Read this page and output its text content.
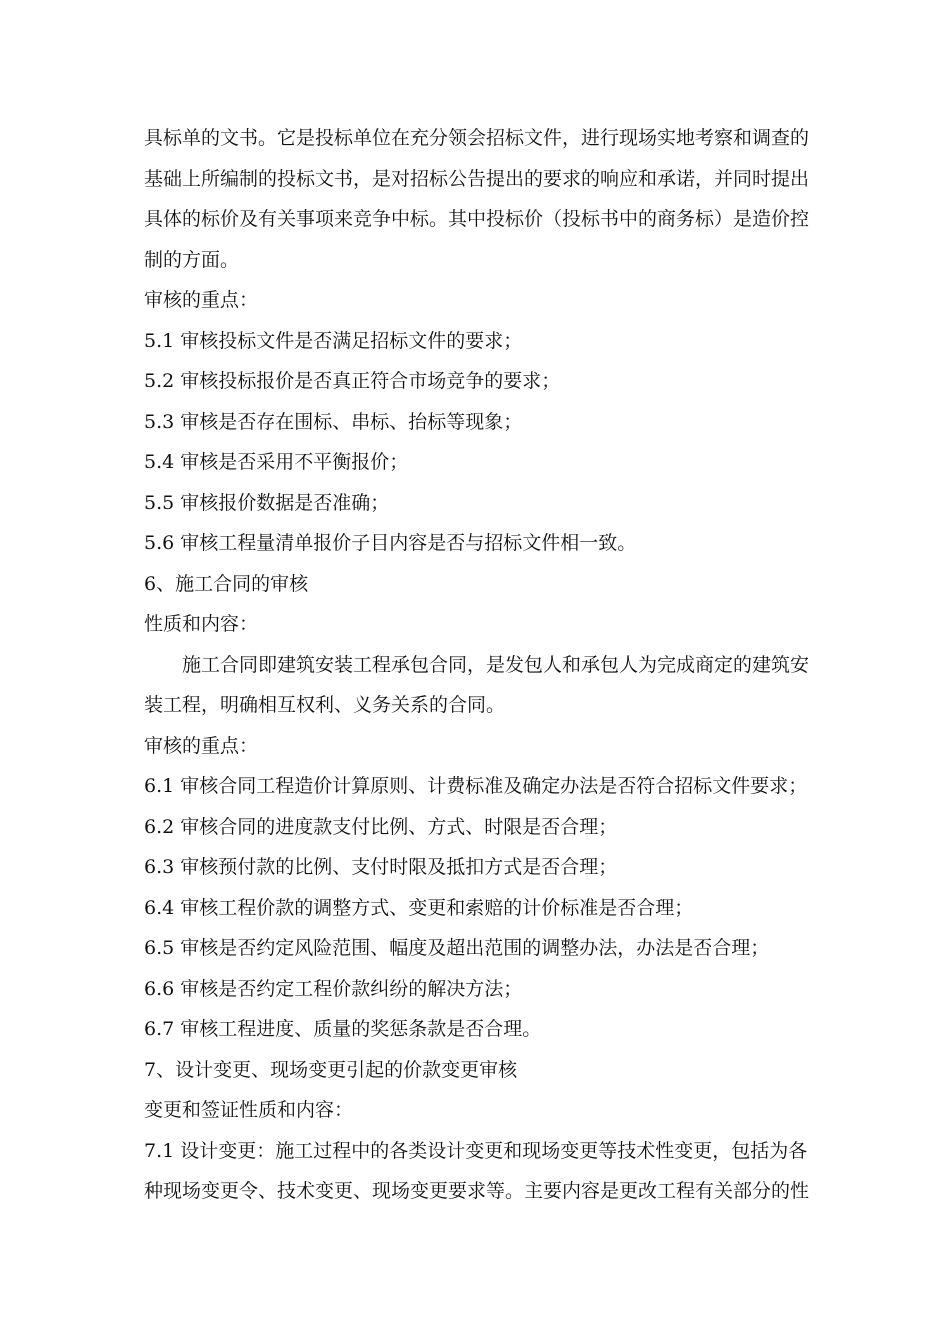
具标单的文书。它是投标单位在充分领会招标文件，进行现场实地考察和调查的
基础上所编制的投标文书，是对招标公告提出的要求的响应和承诺，并同时提出
具体的标价及有关事项来竞争中标。其中投标价（投标书中的商务标）是造价控
制的方面。
审核的重点：
5.1 审核投标文件是否满足招标文件的要求；
5.2 审核投标报价是否真正符合市场竞争的要求；
5.3 审核是否存在围标、串标、抬标等现象；
5.4 审核是否采用不平衡报价；
5.5 审核报价数据是否准确；
5.6 审核工程量清单报价子目内容是否与招标文件相一致。
6、施工合同的审核
性质和内容：
施工合同即建筑安装工程承包合同，是发包人和承包人为完成商定的建筑安
装工程，明确相互权利、义务关系的合同。
审核的重点：
6.1 审核合同工程造价计算原则、计费标准及确定办法是否符合招标文件要求；
6.2 审核合同的进度款支付比例、方式、时限是否合理；
6.3 审核预付款的比例、支付时限及抵扣方式是否合理；
6.4 审核工程价款的调整方式、变更和索赔的计价标准是否合理；
6.5 审核是否约定风险范围、幅度及超出范围的调整办法，办法是否合理；
6.6 审核是否约定工程价款纠纷的解决方法；
6.7 审核工程进度、质量的奖惩条款是否合理。
7、设计变更、现场变更引起的价款变更审核
变更和签证性质和内容：
7.1 设计变更：施工过程中的各类设计变更和现场变更等技术性变更，包括为各
种现场变更令、技术变更、现场变更要求等。主要内容是更改工程有关部分的性
